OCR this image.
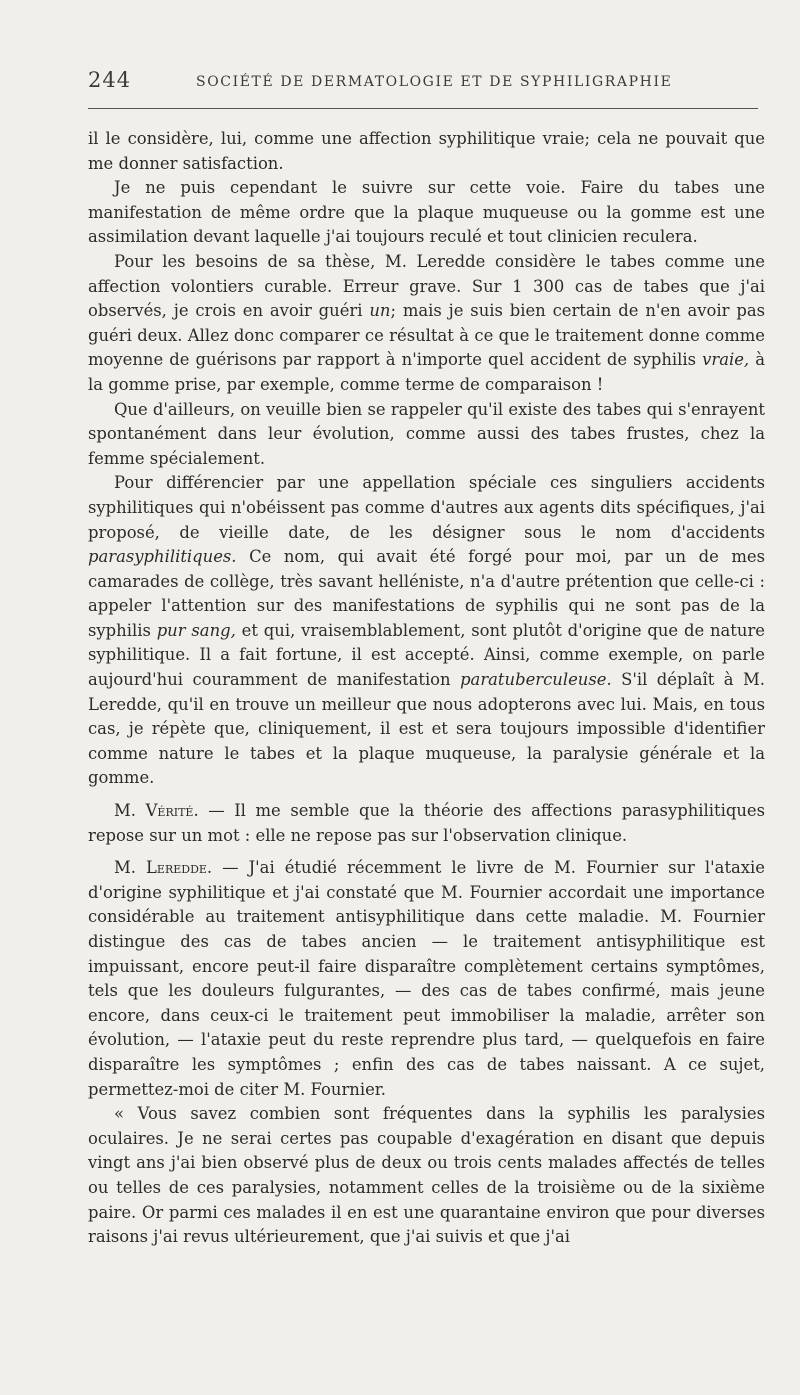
244	SOCIÉTÉ DE DERMATOLOGIE ET DE SYPHILIGRAPHIE

il le considère, lui, comme une affection syphilitique vraie; cela ne pouvait que me donner satisfaction.

Je ne puis cependant le suivre sur cette voie. Faire du tabes une manifestation de même ordre que la plaque muqueuse ou la gomme est une assimilation devant laquelle j'ai toujours reculé et tout clinicien reculera.

Pour les besoins de sa thèse, M. Leredde considère le tabes comme une affection volontiers curable. Erreur grave. Sur 1 300 cas de tabes que j'ai observés, je crois en avoir guéri un; mais je suis bien certain de n'en avoir pas guéri deux. Allez donc comparer ce résultat à ce que le traitement donne comme moyenne de guérisons par rapport à n'importe quel accident de syphilis vraie, à la gomme prise, par exemple, comme terme de comparaison !

Que d'ailleurs, on veuille bien se rappeler qu'il existe des tabes qui s'enrayent spontanément dans leur évolution, comme aussi des tabes frustes, chez la femme spécialement.

Pour différencier par une appellation spéciale ces singuliers accidents syphilitiques qui n'obéissent pas comme d'autres aux agents dits spécifiques, j'ai proposé, de vieille date, de les désigner sous le nom d'accidents parasyphilitiques. Ce nom, qui avait été forgé pour moi, par un de mes camarades de collège, très savant helléniste, n'a d'autre prétention que celle-ci : appeler l'attention sur des manifestations de syphilis qui ne sont pas de la syphilis pur sang, et qui, vraisemblablement, sont plutôt d'origine que de nature syphilitique. Il a fait fortune, il est accepté. Ainsi, comme exemple, on parle aujourd'hui couramment de manifestation paratuberculeuse. S'il déplaît à M. Leredde, qu'il en trouve un meilleur que nous adopterons avec lui. Mais, en tous cas, je répète que, cliniquement, il est et sera toujours impossible d'identifier comme nature le tabes et la plaque muqueuse, la paralysie générale et la gomme.

M. Vérité. — Il me semble que la théorie des affections parasyphilitiques repose sur un mot : elle ne repose pas sur l'observation clinique.

M. Leredde. — J'ai étudié récemment le livre de M. Fournier sur l'ataxie d'origine syphilitique et j'ai constaté que M. Fournier accordait une importance considérable au traitement antisyphilitique dans cette maladie. M. Fournier distingue des cas de tabes ancien — le traitement antisyphilitique est impuissant, encore peut-il faire disparaître complètement certains symptômes, tels que les douleurs fulgurantes, — des cas de tabes confirmé, mais jeune encore, dans ceux-ci le traitement peut immobiliser la maladie, arrêter son évolution, — l'ataxie peut du reste reprendre plus tard, — quelquefois en faire disparaître les symptômes ; enfin des cas de tabes naissant. A ce sujet, permettez-moi de citer M. Fournier.

« Vous savez combien sont fréquentes dans la syphilis les paralysies oculaires. Je ne serai certes pas coupable d'exagération en disant que depuis vingt ans j'ai bien observé plus de deux ou trois cents malades affectés de telles ou telles de ces paralysies, notamment celles de la troisième ou de la sixième paire. Or parmi ces malades il en est une quarantaine environ que pour diverses raisons j'ai revus ultérieurement, que j'ai suivis et que j'ai
